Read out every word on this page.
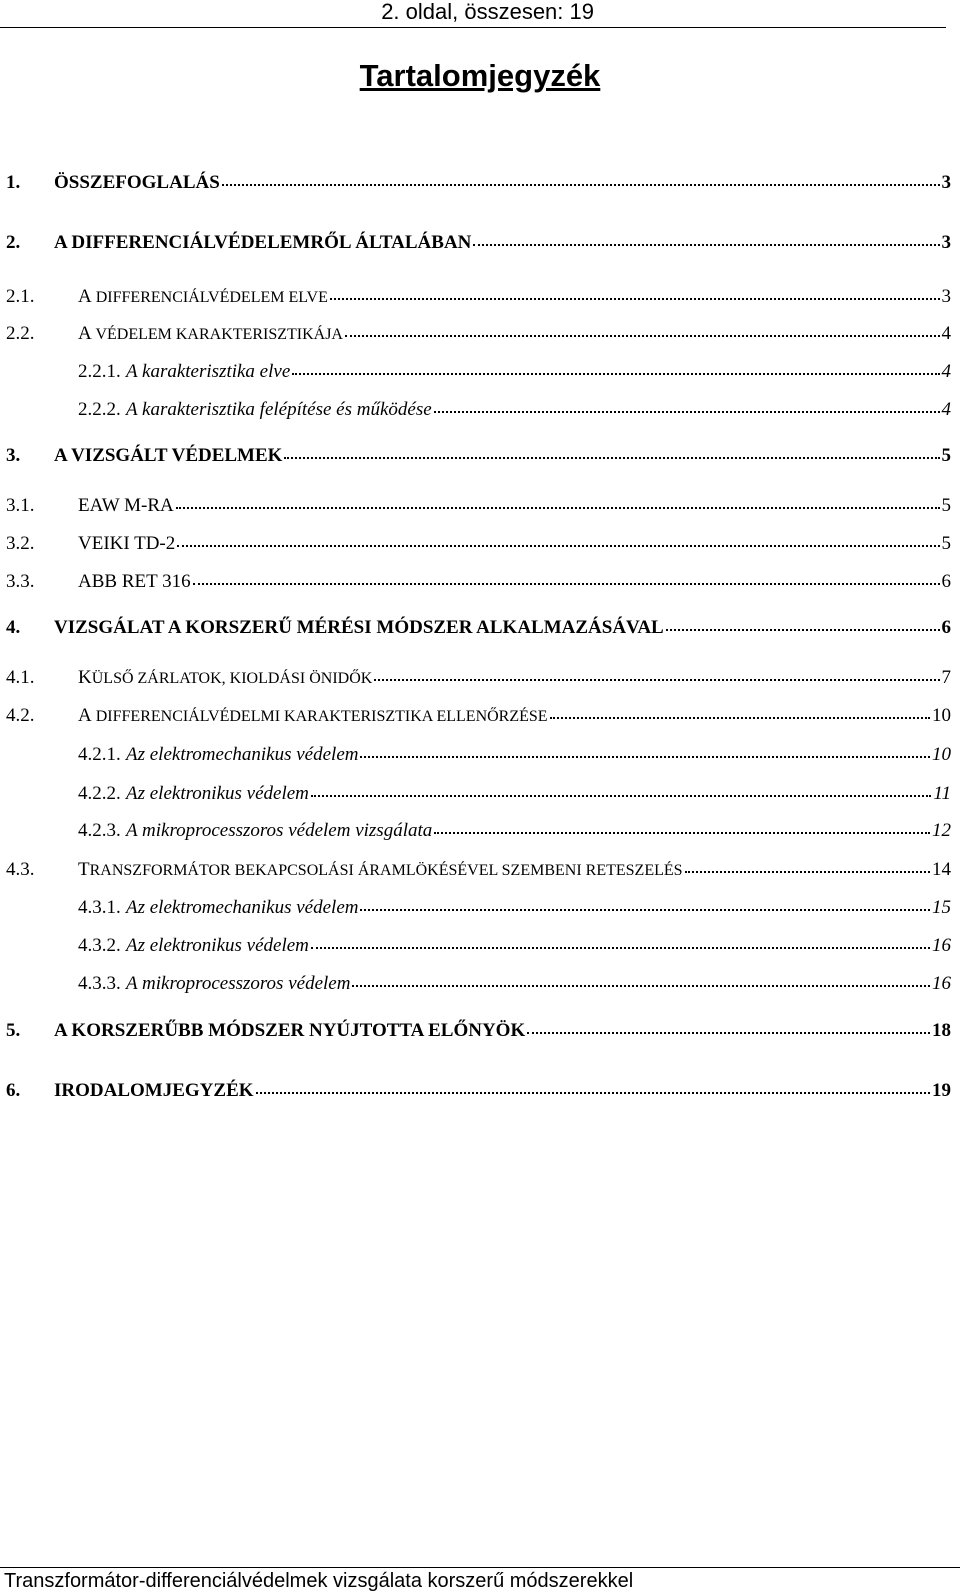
2. oldal, összesen: 19
Tartalomjegyzék
1.	ÖSSZEFOGLALÁS	3
2.	A DIFFERENCIÁLVÉDELEMRŐL ÁLTALÁBAN	3
2.1.	A DIFFERENCIÁLVÉDELEM ELVE	3
2.2.	A VÉDELEM KARAKTERISZTIKÁJA	4
2.2.1. A karakterisztika elve	4
2.2.2. A karakterisztika felépítése és működése	4
3.	A VIZSGÁLT VÉDELMEK	5
3.1.	EAW M-RA	5
3.2.	VEIKI TD-2	5
3.3.	ABB RET 316	6
4.	VIZSGÁLAT A KORSZERŰ MÉRÉSI MÓDSZER ALKALMAZÁSÁVAL	6
4.1.	KÜLSŐ ZÁRLATOK, KIOLDÁSI ÖNIDŐK	7
4.2.	A DIFFERENCIÁLVÉDELMI KARAKTERISZTIKA ELLENŐRZÉSE	10
4.2.1. Az elektromechanikus védelem	10
4.2.2. Az elektronikus védelem	11
4.2.3. A mikroprocesszoros védelem vizsgálata	12
4.3.	TRANSZFORMÁTOR BEKAPCSOLÁSI ÁRAMLÖKÉSÉVEL SZEMBENI RETESZELÉS	14
4.3.1. Az elektromechanikus védelem	15
4.3.2. Az elektronikus védelem	16
4.3.3. A mikroprocesszoros védelem	16
5.	A KORSZERŰBB MÓDSZER NYÚJTOTTA ELŐNYÖK	18
6.	IRODALOMJEGYZÉK	19
Transzformátor-differenciálvédelmek vizsgálata korszerű módszerekkel
